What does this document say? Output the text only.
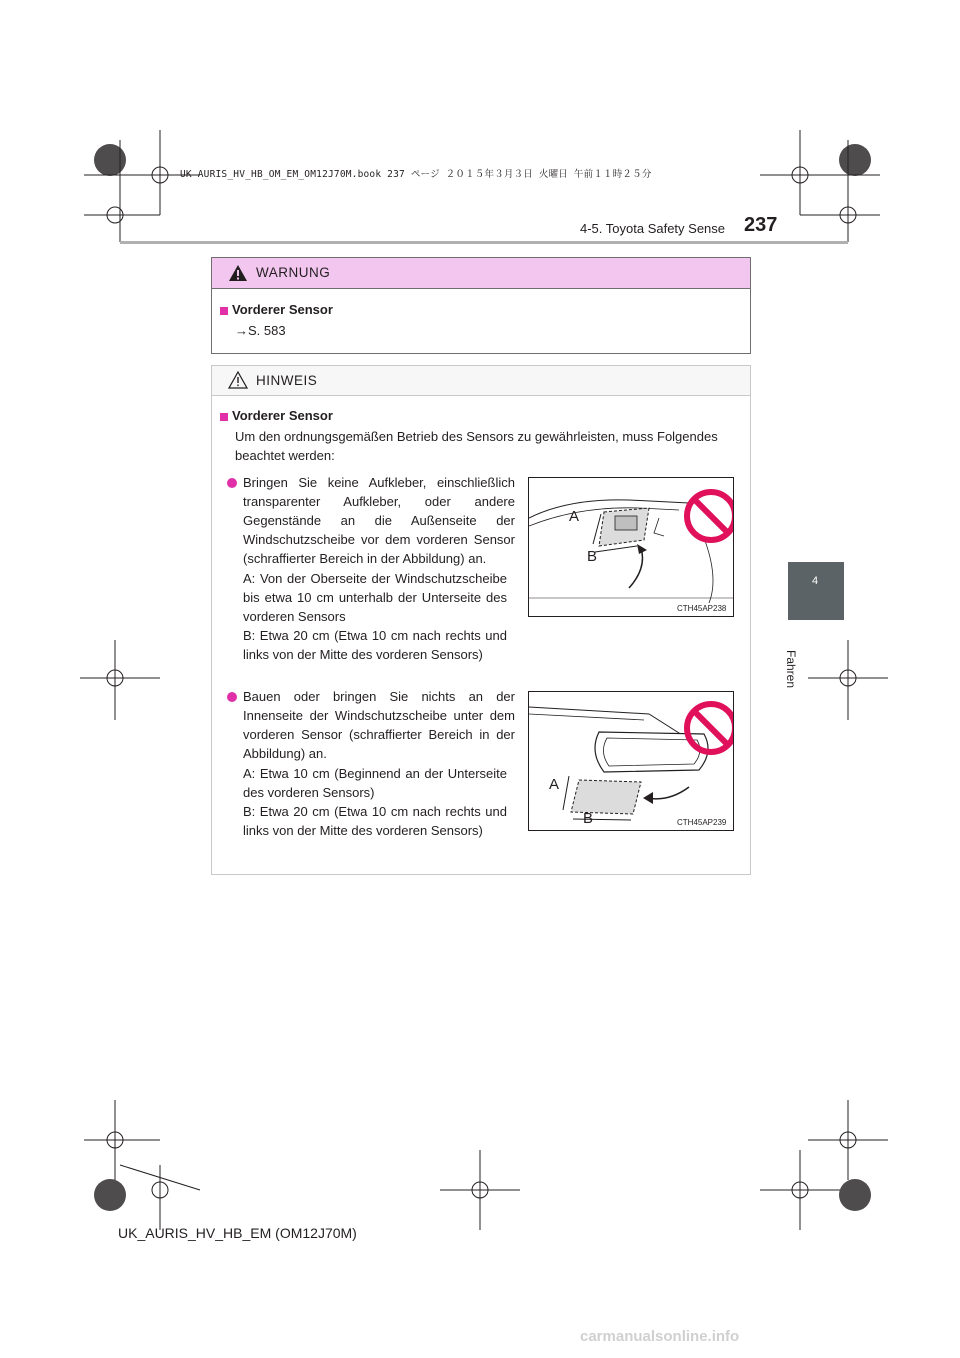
UK AURIS_HV_HB_OM_EM_OM12J70M.book 237 ページ ２０１５年３月３日 火曜日 午前１１時２５分
4-5. Toyota Safety Sense 237
4
Fahren
WARNUNG
Vorderer Sensor
→S. 583
HINWEIS
Vorderer Sensor
Um den ordnungsgemäßen Betrieb des Sensors zu gewährleisten, muss Folgendes beachtet werden:
Bringen Sie keine Aufkleber, einschließlich transparenter Aufkleber, oder andere Gegenstände an die Außenseite der Windschutzscheibe vor dem vorderen Sensor (schraffierter Bereich in der Abbildung) an.
A: Von der Oberseite der Windschutzscheibe bis etwa 10 cm unterhalb der Unterseite des vorderen Sensors
B: Etwa 20 cm (Etwa 10 cm nach rechts und links von der Mitte des vorderen Sensors)
A
B
CTH45AP238
Bauen oder bringen Sie nichts an der Innenseite der Windschutzscheibe unter dem vorderen Sensor (schraffierter Bereich in der Abbildung) an.
A: Etwa 10 cm (Beginnend an der Unterseite des vorderen Sensors)
B: Etwa 20 cm (Etwa 10 cm nach rechts und links von der Mitte des vorderen Sensors)
A
B	CTH45AP239
UK_AURIS_HV_HB_EM (OM12J70M)
carmanualsonline.info
